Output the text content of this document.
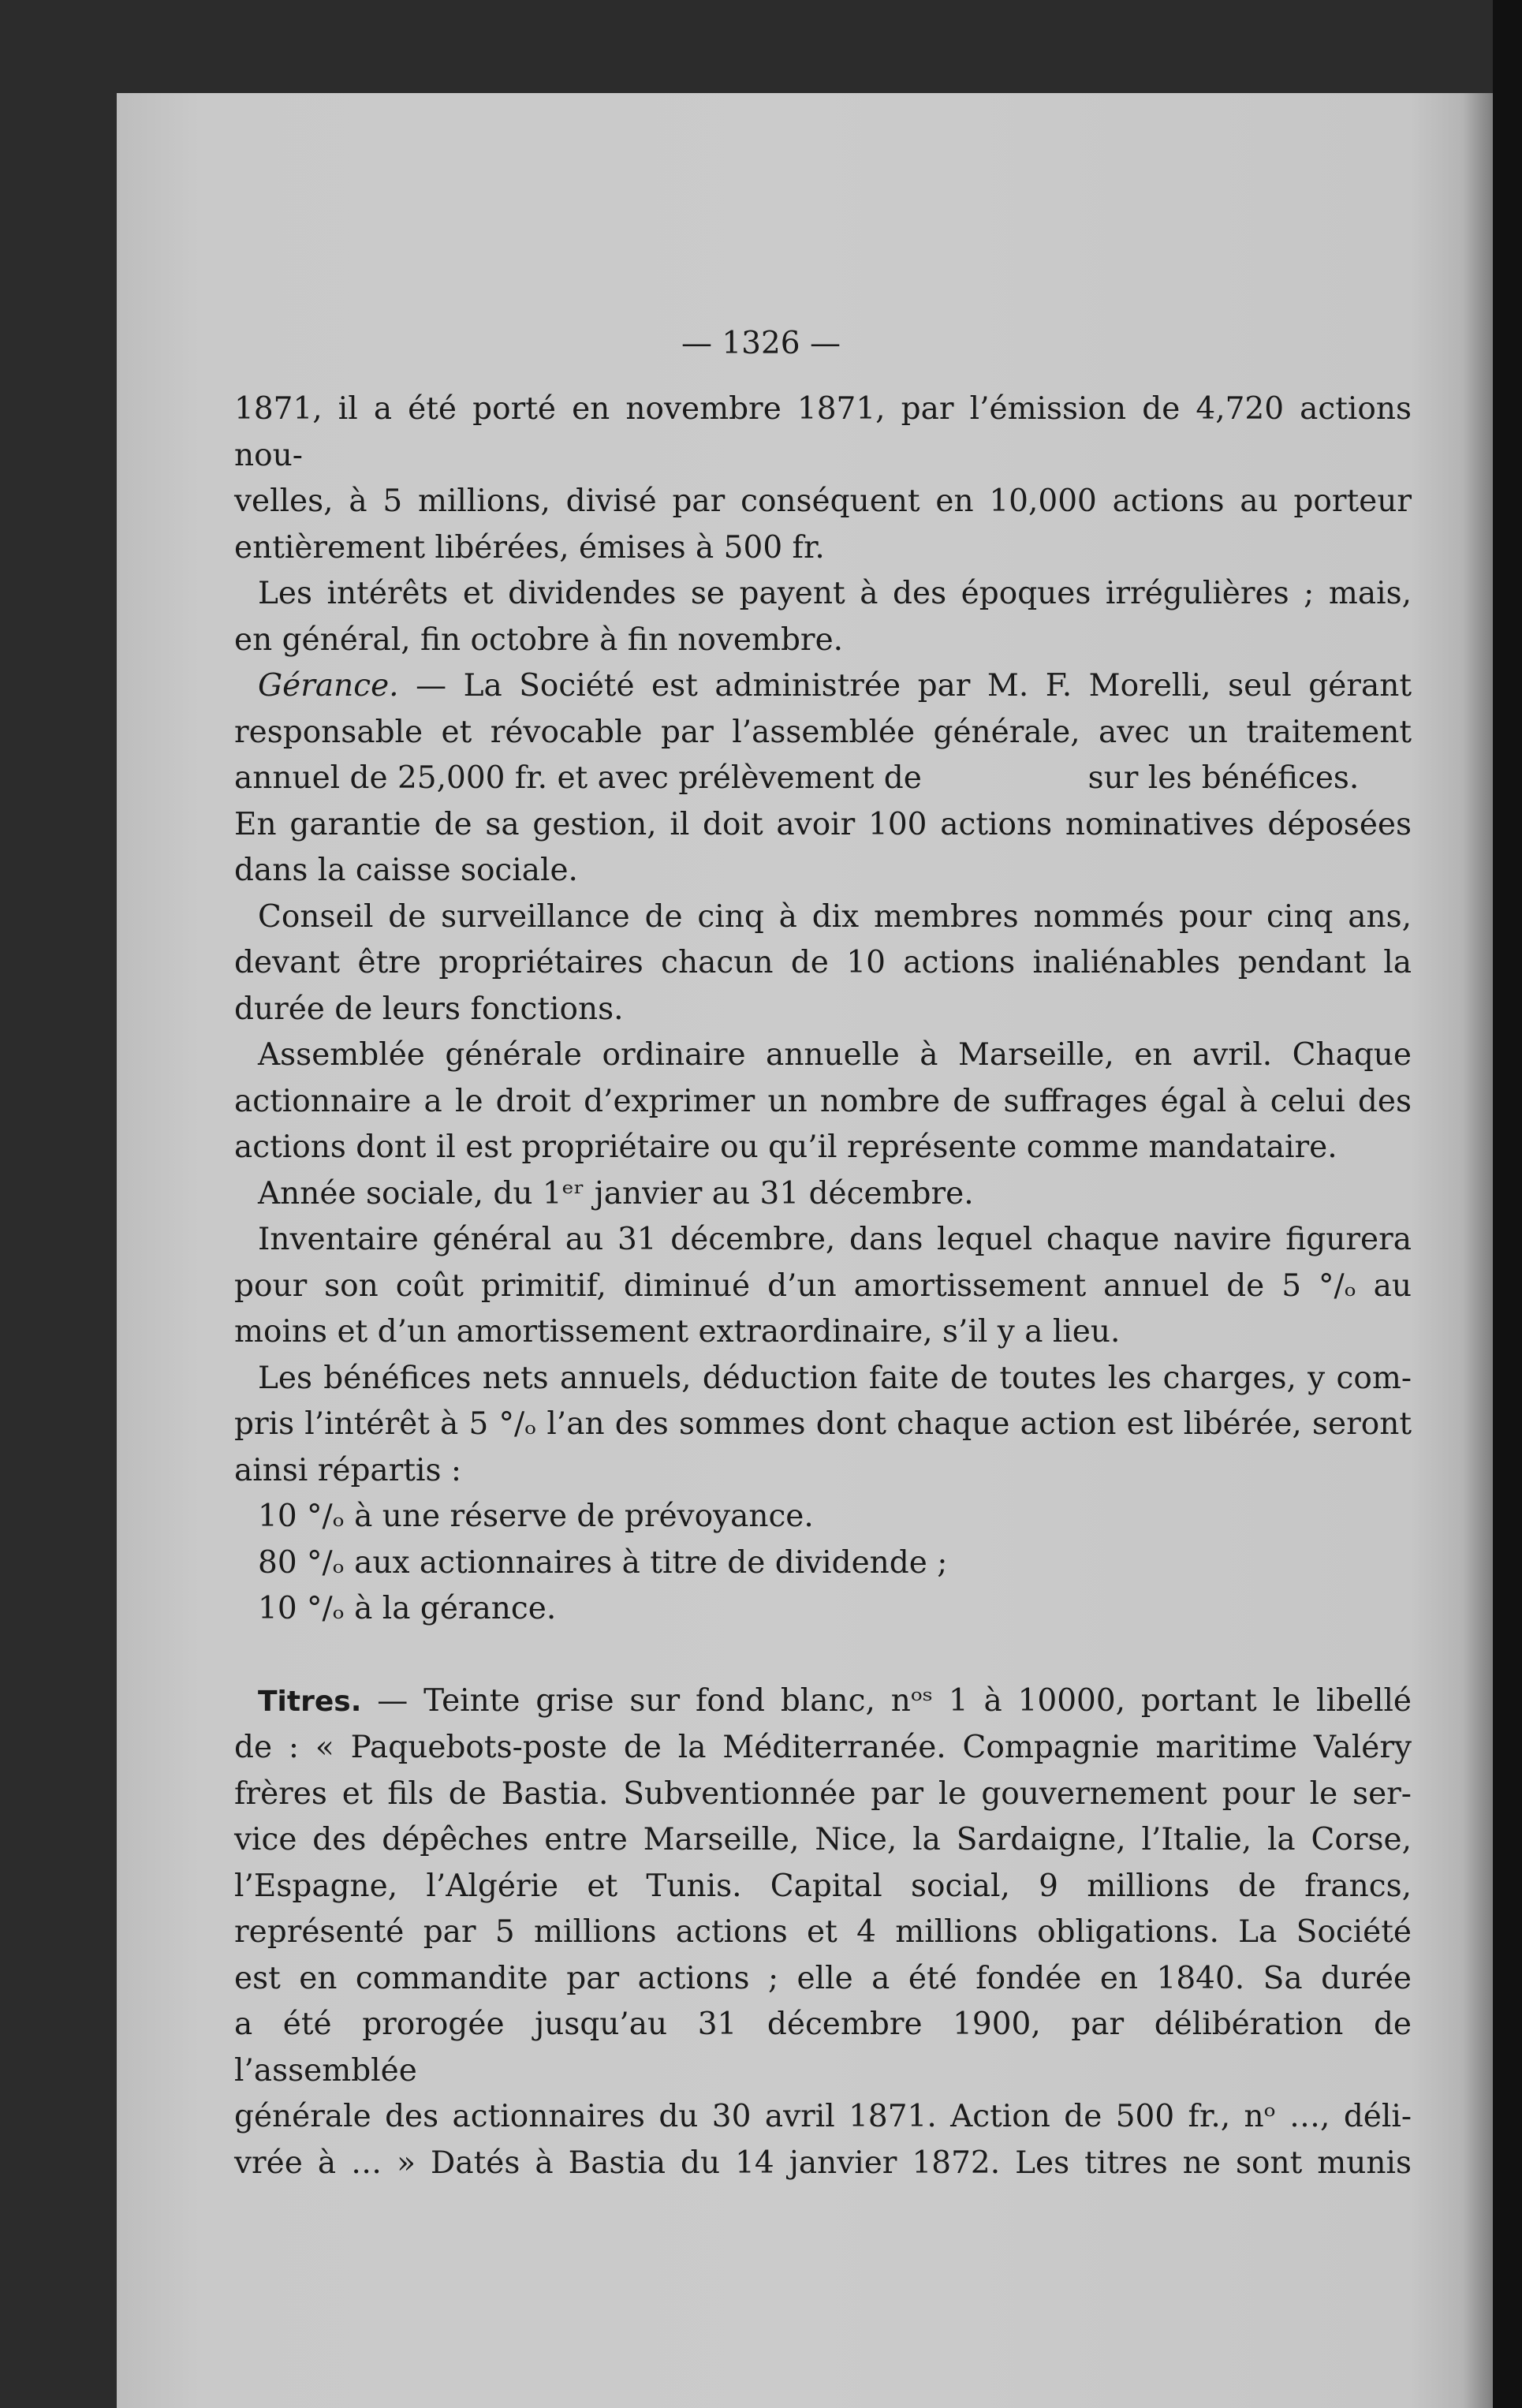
— 1326 —

1871, il a été porté en novembre 1871, par l’émission de 4,720 actions nou-
velles, à 5 millions, divisé par conséquent en 10,000 actions au porteur
entièrement libérées, émises à 500 fr.

Les intérêts et dividendes se payent à des époques irrégulières ; mais,
en général, fin octobre à fin novembre.

Gérance. — La Société est administrée par M. F. Morelli, seul gérant
responsable et révocable par l’assemblée générale, avec un traitement
annuel de 25,000 fr. et avec prélèvement de                 sur les bénéfices.
En garantie de sa gestion, il doit avoir 100 actions nominatives déposées
dans la caisse sociale.

Conseil de surveillance de cinq à dix membres nommés pour cinq ans,
devant être propriétaires chacun de 10 actions inaliénables pendant la
durée de leurs fonctions.

Assemblée générale ordinaire annuelle à Marseille, en avril. Chaque
actionnaire a le droit d’exprimer un nombre de suffrages égal à celui des
actions dont il est propriétaire ou qu’il représente comme mandataire.

Année sociale, du 1ᵉʳ janvier au 31 décembre.

Inventaire général au 31 décembre, dans lequel chaque navire figurera
pour son coût primitif, diminué d’un amortissement annuel de 5 °/ₒ au
moins et d’un amortissement extraordinaire, s’il y a lieu.

Les bénéfices nets annuels, déduction faite de toutes les charges, y com-
pris l’intérêt à 5 °/ₒ l’an des sommes dont chaque action est libérée, seront
ainsi répartis :

10 °/ₒ à une réserve de prévoyance.
80 °/ₒ aux actionnaires à titre de dividende ;
10 °/ₒ à la gérance.

Titres. — Teinte grise sur fond blanc, nᵒˢ 1 à 10000, portant le libellé
de : « Paquebots-poste de la Méditerranée. Compagnie maritime Valéry
frères et fils de Bastia. Subventionnée par le gouvernement pour le ser-
vice des dépêches entre Marseille, Nice, la Sardaigne, l’Italie, la Corse,
l’Espagne, l’Algérie et Tunis. Capital social, 9 millions de francs,
représenté par 5 millions actions et 4 millions obligations. La Société
est en commandite par actions ; elle a été fondée en 1840. Sa durée
a été prorogée jusqu’au 31 décembre 1900, par délibération de l’assemblée
générale des actionnaires du 30 avril 1871. Action de 500 fr., nᵒ …, déli-
vrée à … » Datés à Bastia du 14 janvier 1872. Les titres ne sont munis
